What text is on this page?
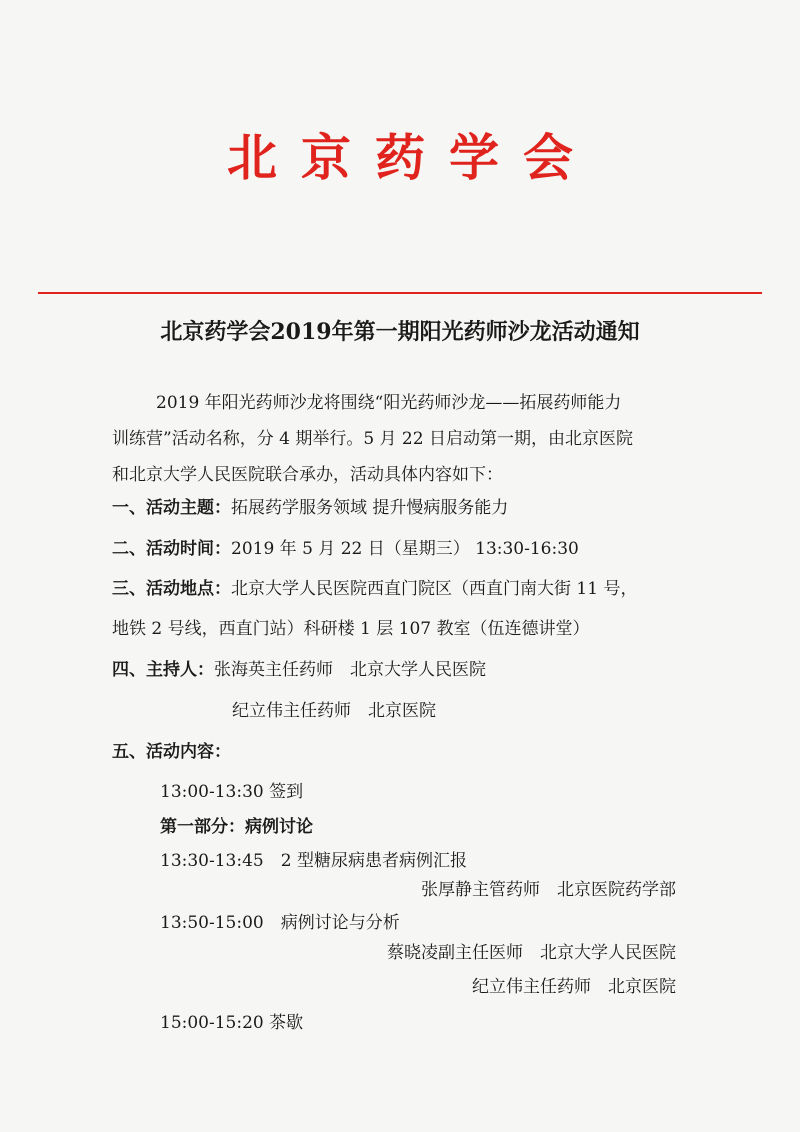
北京药学会
北京药学会2019年第一期阳光药师沙龙活动通知
2019 年阳光药师沙龙将围绕“阳光药师沙龙——拓展药师能力
训练营”活动名称，分 4 期举行。5 月 22 日启动第一期，由北京医院
和北京大学人民医院联合承办，活动具体内容如下：
一、活动主题：拓展药学服务领域 提升慢病服务能力
二、活动时间：2019 年 5 月 22 日（星期三） 13:30-16:30
三、活动地点：北京大学人民医院西直门院区（西直门南大街 11 号，
地铁 2 号线，西直门站）科研楼 1 层 107 教室（伍连德讲堂）
四、主持人：张海英主任药师　北京大学人民医院
纪立伟主任药师　北京医院
五、活动内容：
13:00-13:30 签到
第一部分：病例讨论
13:30-13:45　2 型糖尿病患者病例汇报
张厚静主管药师　北京医院药学部
13:50-15:00　病例讨论与分析
蔡晓凌副主任医师　北京大学人民医院
纪立伟主任药师　北京医院
15:00-15:20 茶歇
